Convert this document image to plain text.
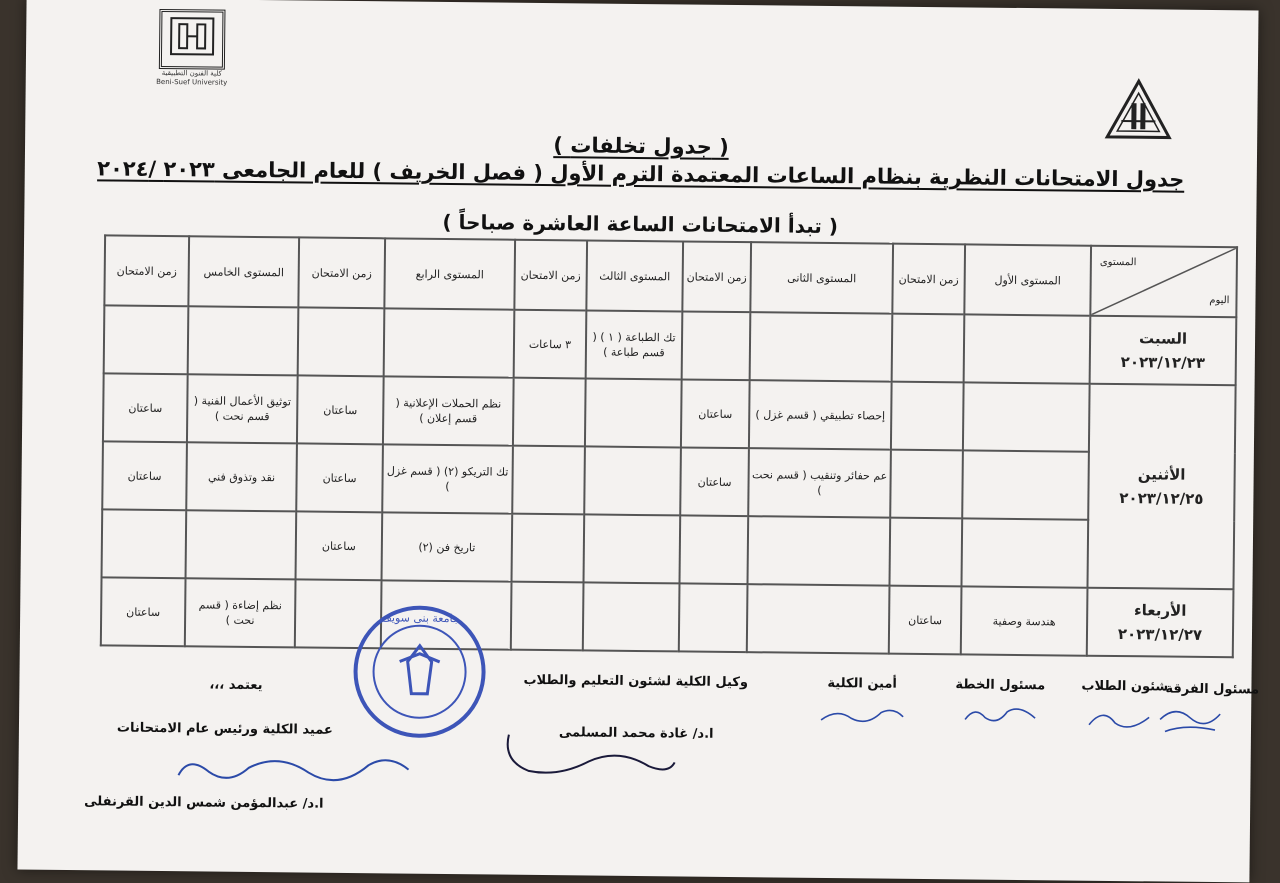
كلية الفنون التطبيقية
Beni-Suef University
( جدول تخلفات )
جدول الامتحانات النظرية بنظام الساعات المعتمدة الترم الأول ( فصل الخريف ) للعام الجامعى ٢٠٢٣ /٢٠٢٤
( تبدأ الامتحانات الساعة العاشرة صباحاً )
المستوى
اليوم	المستوى الأول	زمن الامتحان	المستوى الثانى	زمن الامتحان	المستوى الثالث	زمن الامتحان	المستوى الرابع	زمن الامتحان	المستوى الخامس	زمن الامتحان

السبت
٢٠٢٣/١٢/٢٣					تك الطباعة ( ١ ) ( قسم طباعة )	٣ ساعات				

الأثنين
٢٠٢٣/١٢/٢٥			إحصاء تطبيقي ( قسم غزل )	ساعتان			نظم الحملات الإعلانية ( قسم إعلان )	ساعتان	توثيق الأعمال الفنية ( قسم نحت )	ساعتان
			عم حفائر وتنقيب ( قسم نحت )	ساعتان			تك التريكو (٢) ( قسم غزل )	ساعتان	نقد وتذوق فني	ساعتان
							تاريخ فن (٢)	ساعتان		

الأربعاء
٢٠٢٣/١٢/٢٧	هندسة وصفية	ساعتان							نظم إضاءة ( قسم نحت )	ساعتان	جامعة بنى سويف
مسئول الفرقة
شئون الطلاب
مسئول الخطة
أمين الكلية
وكيل الكلية لشئون التعليم والطلاب
ا.د/ غادة محمد المسلمى
يعتمد ،،،
عميد الكلية ورئيس عام الامتحانات
ا.د/ عبدالمؤمن شمس الدين القرنفلى
